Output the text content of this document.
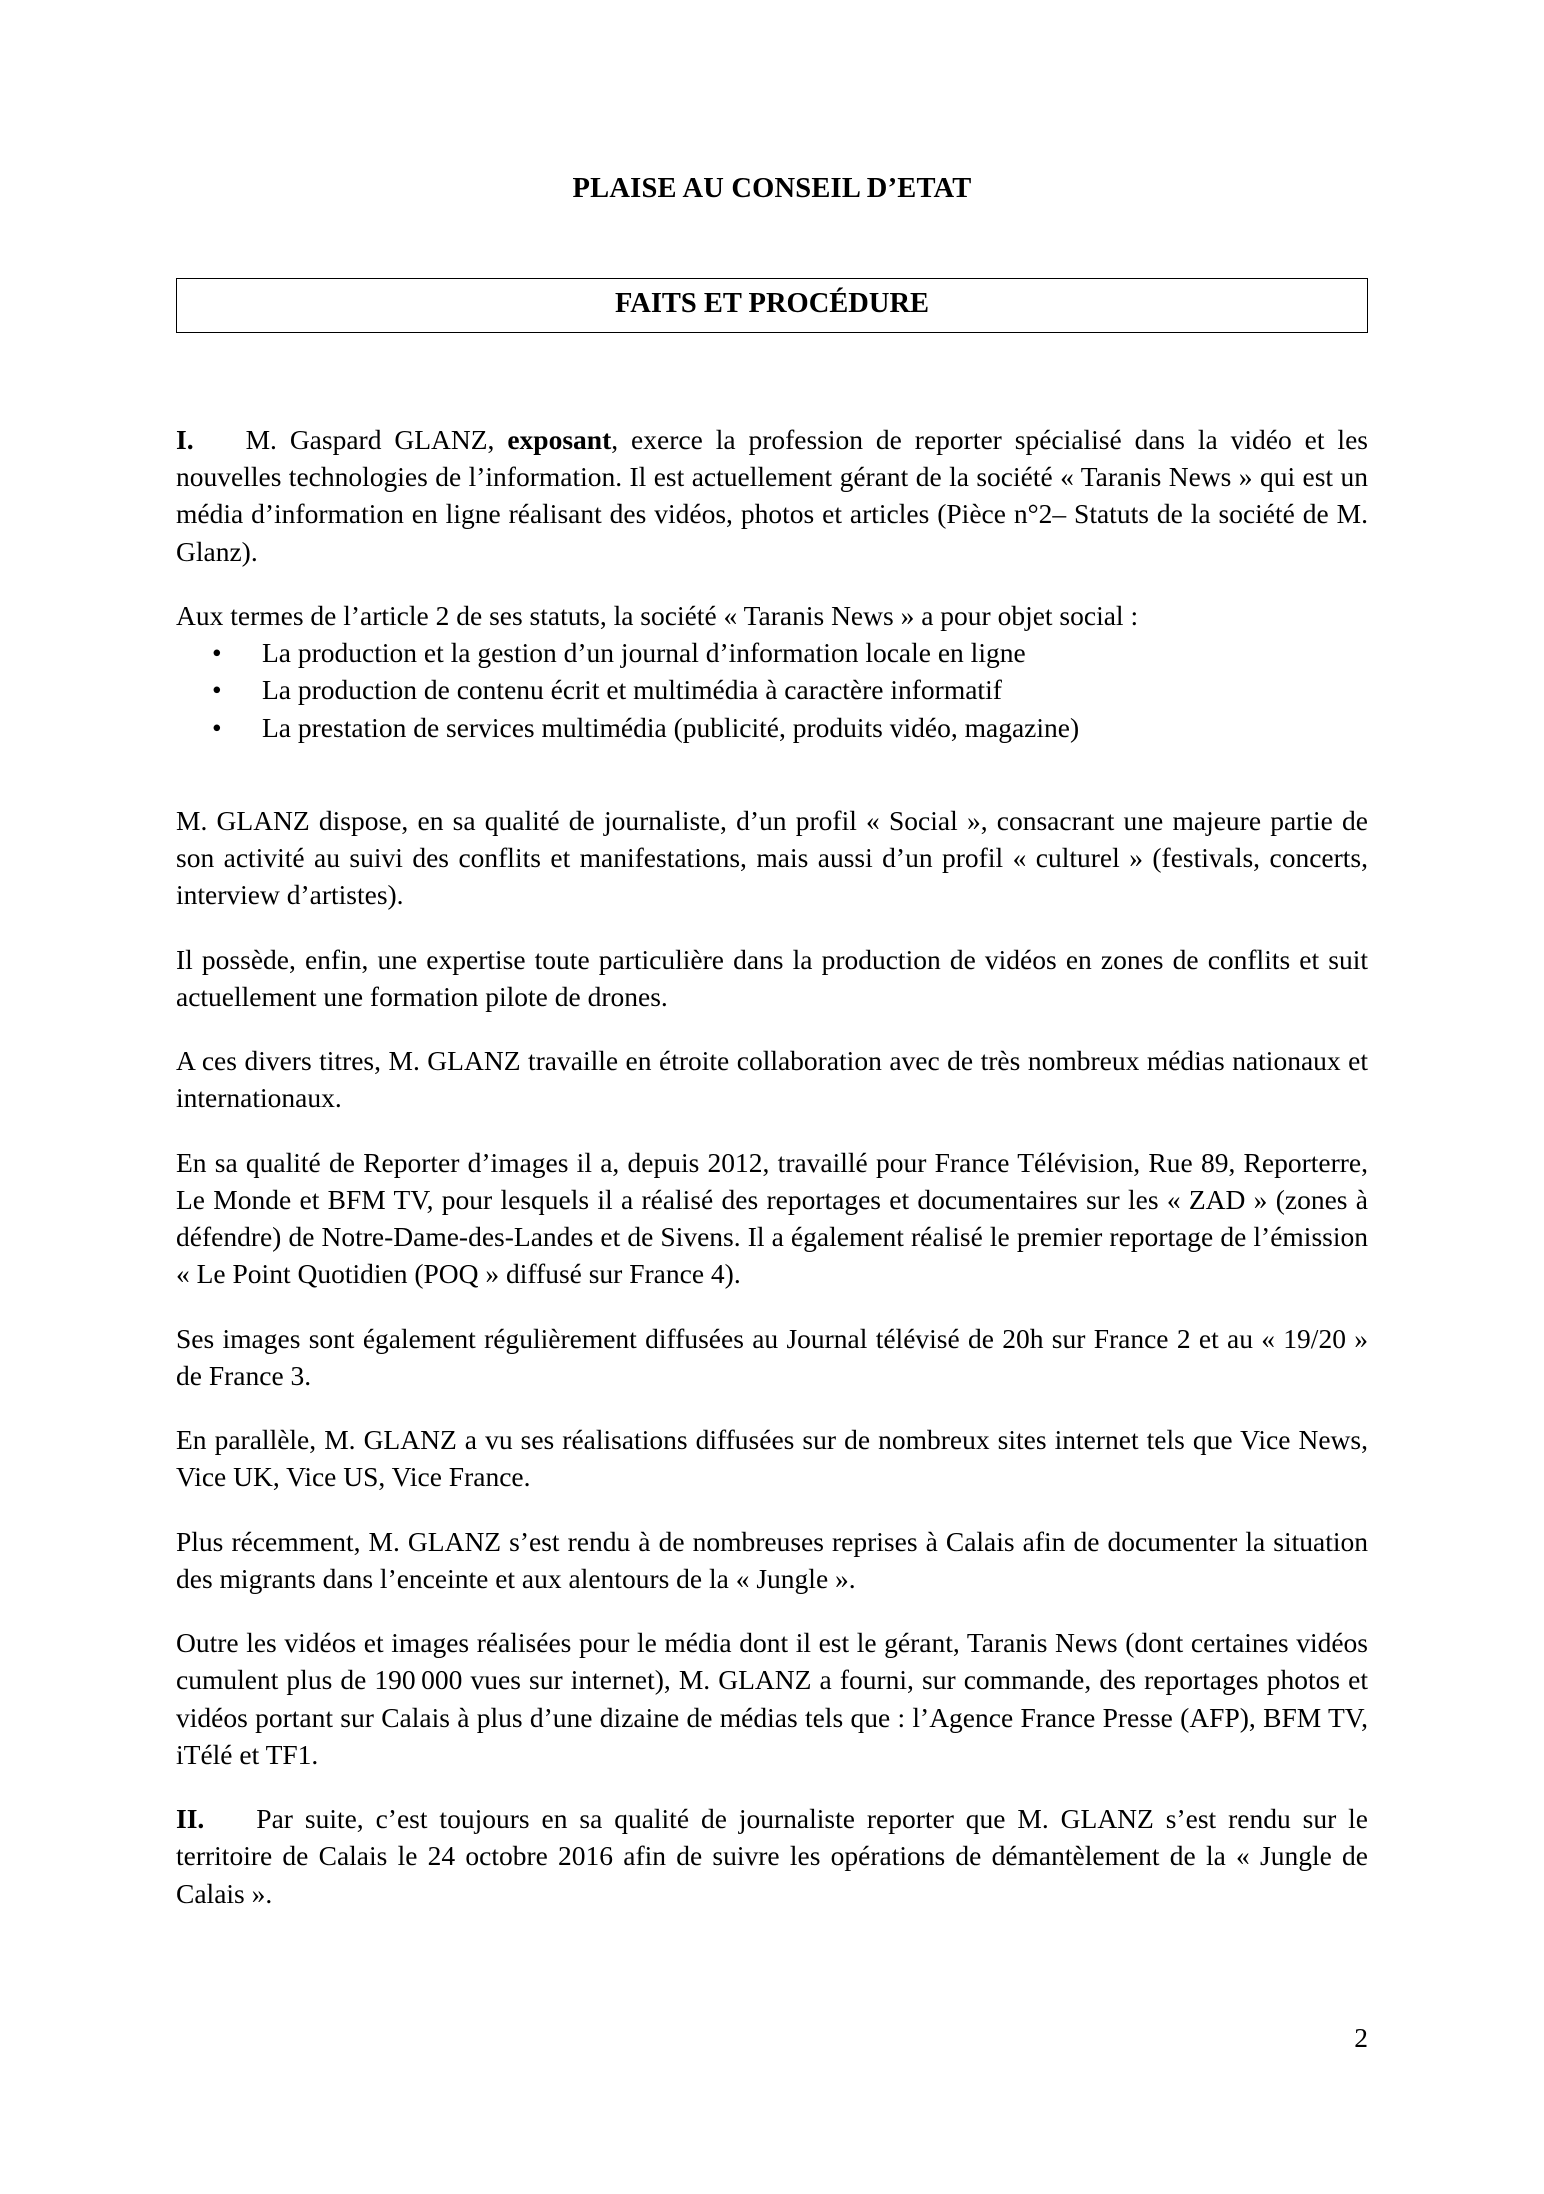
PLAISE AU CONSEIL D’ETAT
FAITS ET PROCÉDURE

I. M. Gaspard GLANZ, exposant, exerce la profession de reporter spécialisé dans la vidéo et les nouvelles technologies de l’information. Il est actuellement gérant de la société « Taranis News » qui est un média d’information en ligne réalisant des vidéos, photos et articles (Pièce n°2– Statuts de la société de M. Glanz).

Aux termes de l’article 2 de ses statuts, la société « Taranis News » a pour objet social :

• La production et la gestion d’un journal d’information locale en ligne
• La production de contenu écrit et multimédia à caractère informatif
• La prestation de services multimédia (publicité, produits vidéo, magazine)

M. GLANZ dispose, en sa qualité de journaliste, d’un profil « Social », consacrant une majeure partie de son activité au suivi des conflits et manifestations, mais aussi d’un profil « culturel » (festivals, concerts, interview d’artistes).

Il possède, enfin, une expertise toute particulière dans la production de vidéos en zones de conflits et suit actuellement une formation pilote de drones.

A ces divers titres, M. GLANZ travaille en étroite collaboration avec de très nombreux médias nationaux et internationaux.

En sa qualité de Reporter d’images il a, depuis 2012, travaillé pour France Télévision, Rue 89, Reporterre, Le Monde et BFM TV, pour lesquels il a réalisé des reportages et documentaires sur les « ZAD » (zones à défendre) de Notre-Dame-des-Landes et de Sivens. Il a également réalisé le premier reportage de l’émission « Le Point Quotidien (POQ » diffusé sur France 4).

Ses images sont également régulièrement diffusées au Journal télévisé de 20h sur France 2 et au « 19/20 » de France 3.

En parallèle, M. GLANZ a vu ses réalisations diffusées sur de nombreux sites internet tels que Vice News, Vice UK, Vice US, Vice France.

Plus récemment, M. GLANZ s’est rendu à de nombreuses reprises à Calais afin de documenter la situation des migrants dans l’enceinte et aux alentours de la « Jungle ».

Outre les vidéos et images réalisées pour le média dont il est le gérant, Taranis News (dont certaines vidéos cumulent plus de 190 000 vues sur internet), M. GLANZ a fourni, sur commande, des reportages photos et vidéos portant sur Calais à plus d’une dizaine de médias tels que : l’Agence France Presse (AFP), BFM TV, iTélé et TF1.

II. Par suite, c’est toujours en sa qualité de journaliste reporter que M. GLANZ s’est rendu sur le territoire de Calais le 24 octobre 2016 afin de suivre les opérations de démantèlement de la « Jungle de Calais ».

2
